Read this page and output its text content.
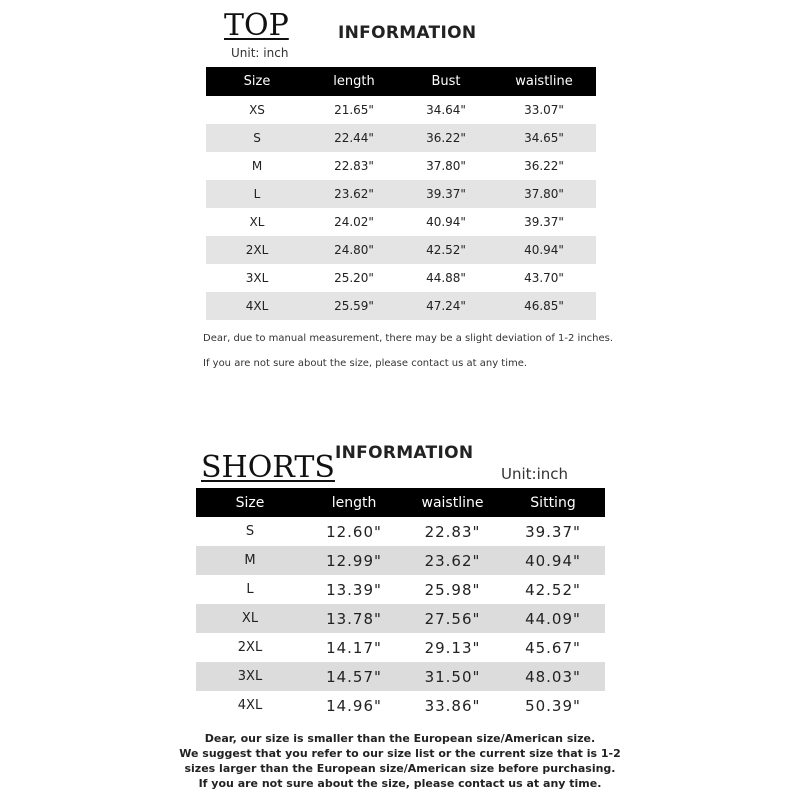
TOP
Unit: inch
INFORMATION
Size	length	Bust	waistline
XS	21.65"	34.64"	33.07"
S	22.44"	36.22"	34.65"
M	22.83"	37.80"	36.22"
L	23.62"	39.37"	37.80"
XL	24.02"	40.94"	39.37"
2XL	24.80"	42.52"	40.94"
3XL	25.20"	44.88"	43.70"
4XL	25.59"	47.24"	46.85"
Dear, due to manual measurement, there may be a slight deviation of 1-2 inches.
If you are not sure about the size, please contact us at any time.
SHORTS INFORMATION
Unit:inch
Size	length	waistline	Sitting
S	12.60"	22.83"	39.37"
M	12.99"	23.62"	40.94"
L	13.39"	25.98"	42.52"
XL	13.78"	27.56"	44.09"
2XL	14.17"	29.13"	45.67"
3XL	14.57"	31.50"	48.03"
4XL	14.96"	33.86"	50.39"
Dear, our size is smaller than the European size/American size.
We suggest that you refer to our size list or the current size that is 1-2
sizes larger than the European size/American size before purchasing.
If you are not sure about the size, please contact us at any time.
